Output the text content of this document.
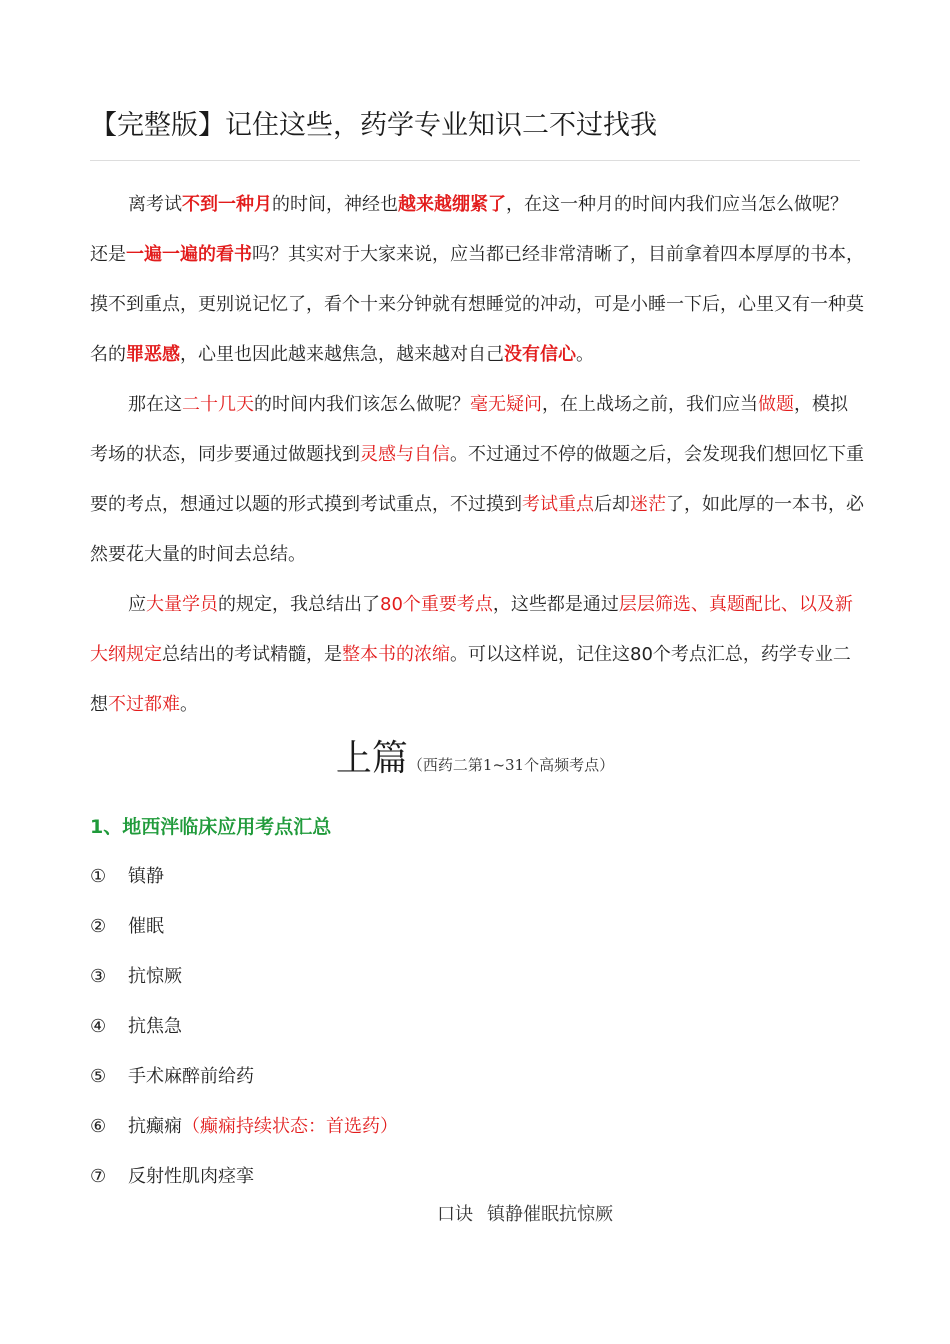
【完整版】记住这些，药学专业知识二不过找我

离考试不到一种月的时间，神经也越来越绷紧了，在这一种月的时间内我们应当怎么做呢？还是一遍一遍的看书吗？其实对于大家来说，应当都已经非常清晰了，目前拿着四本厚厚的书本，摸不到重点，更别说记忆了，看个十来分钟就有想睡觉的冲动，可是小睡一下后，心里又有一种莫名的罪恶感，心里也因此越来越焦急，越来越对自己没有信心。

那在这二十几天的时间内我们该怎么做呢？毫无疑问，在上战场之前，我们应当做题，模拟考场的状态，同步要通过做题找到灵感与自信。不过通过不停的做题之后，会发现我们想回忆下重要的考点，想通过以题的形式摸到考试重点，不过摸到考试重点后却迷茫了，如此厚的一本书，必然要花大量的时间去总结。

应大量学员的规定，我总结出了80个重要考点，这些都是通过层层筛选、真题配比、以及新大纲规定总结出的考试精髓，是整本书的浓缩。可以这样说，记住这80个考点汇总，药学专业二想不过都难。

上篇（西药二第1~31个高频考点）
1、地西泮临床应用考点汇总
① 镇静
② 催眠
③ 抗惊厥
④ 抗焦急
⑤ 手术麻醉前给药
⑥ 抗癫痫（癫痫持续状态：首选药）
⑦ 反射性肌肉痉挛
口诀 镇静催眠抗惊厥
